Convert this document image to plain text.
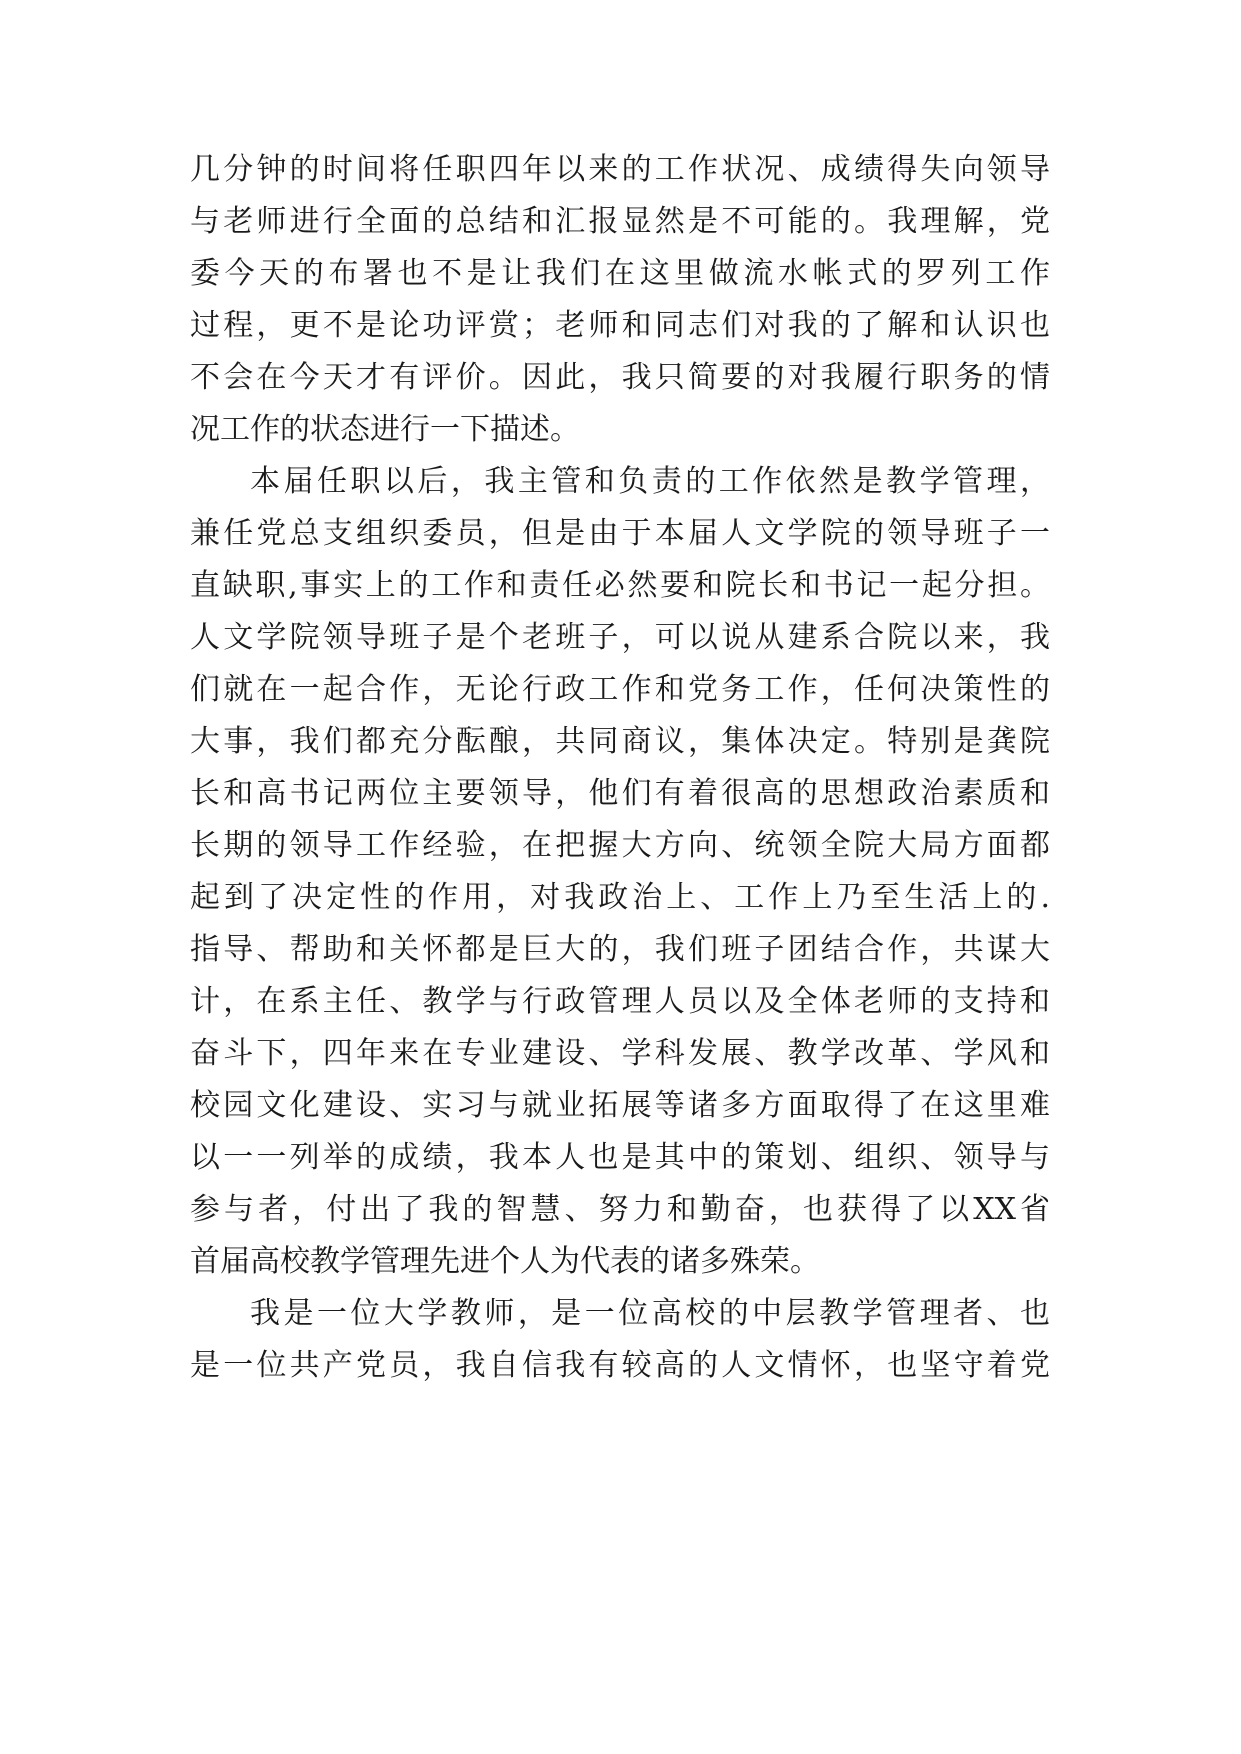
几分钟的时间将任职四年以来的工作状况、成绩得失向领导
与老师进行全面的总结和汇报显然是不可能的。我理解，党
委今天的布署也不是让我们在这里做流水帐式的罗列工作
过程，更不是论功评赏；老师和同志们对我的了解和认识也
不会在今天才有评价。因此，我只简要的对我履行职务的情
况工作的状态进行一下描述。
本届任职以后，我主管和负责的工作依然是教学管理，
兼任党总支组织委员，但是由于本届人文学院的领导班子一
直缺职,事实上的工作和责任必然要和院长和书记一起分担。
人文学院领导班子是个老班子，可以说从建系合院以来，我
们就在一起合作，无论行政工作和党务工作，任何决策性的
大事，我们都充分酝酿，共同商议，集体决定。特别是龚院
长和高书记两位主要领导，他们有着很高的思想政治素质和
长期的领导工作经验，在把握大方向、统领全院大局方面都
起到了决定性的作用，对我政治上、工作上乃至生活上的.
指导、帮助和关怀都是巨大的，我们班子团结合作，共谋大
计，在系主任、教学与行政管理人员以及全体老师的支持和
奋斗下，四年来在专业建设、学科发展、教学改革、学风和
校园文化建设、实习与就业拓展等诸多方面取得了在这里难
以一一列举的成绩，我本人也是其中的策划、组织、领导与
参与者，付出了我的智慧、努力和勤奋，也获得了以XX省
首届高校教学管理先进个人为代表的诸多殊荣。
我是一位大学教师，是一位高校的中层教学管理者、也
是一位共产党员，我自信我有较高的人文情怀，也坚守着党
